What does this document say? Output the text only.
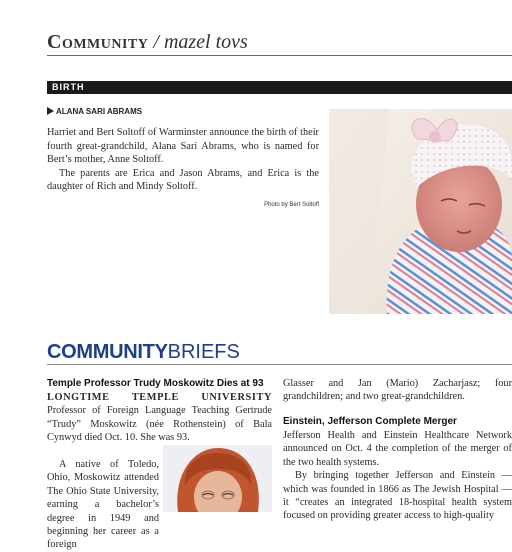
Community / mazel tovs
BIRTH
ALANA SARI ABRAMS

Harriet and Bert Soltoff of Warminster announce the birth of their fourth great-grandchild, Alana Sari Abrams, who is named for Bert’s mother, Anne Soltoff.

The parents are Erica and Jason Abrams, and Erica is the daughter of Rich and Mindy Soltoff.

Photo by Bert Soltoff
COMMUNITYBRIEFS
Temple Professor Trudy Moskowitz Dies at 93

LONGTIME TEMPLE UNIVERSITY Professor of Foreign Language Teaching Gertrude “Trudy” Moskowitz (née Rothenstein) of Bala Cynwyd died Oct. 10. She was 93.

A native of Toledo, Ohio, Moskowitz attended The Ohio State University, earning a bachelor’s degree in 1949 and beginning her career as a foreign

Glasser and Jan (Mario) Zacharjasz; four grandchildren; and two great-grandchildren.

Einstein, Jefferson Complete Merger

Jefferson Health and Einstein Healthcare Network announced on Oct. 4 the completion of the merger of the two health systems.

By bringing together Jefferson and Einstein — which was founded in 1866 as The Jewish Hospital — it “creates an integrated 18-hospital health system focused on providing greater access to high-quality
